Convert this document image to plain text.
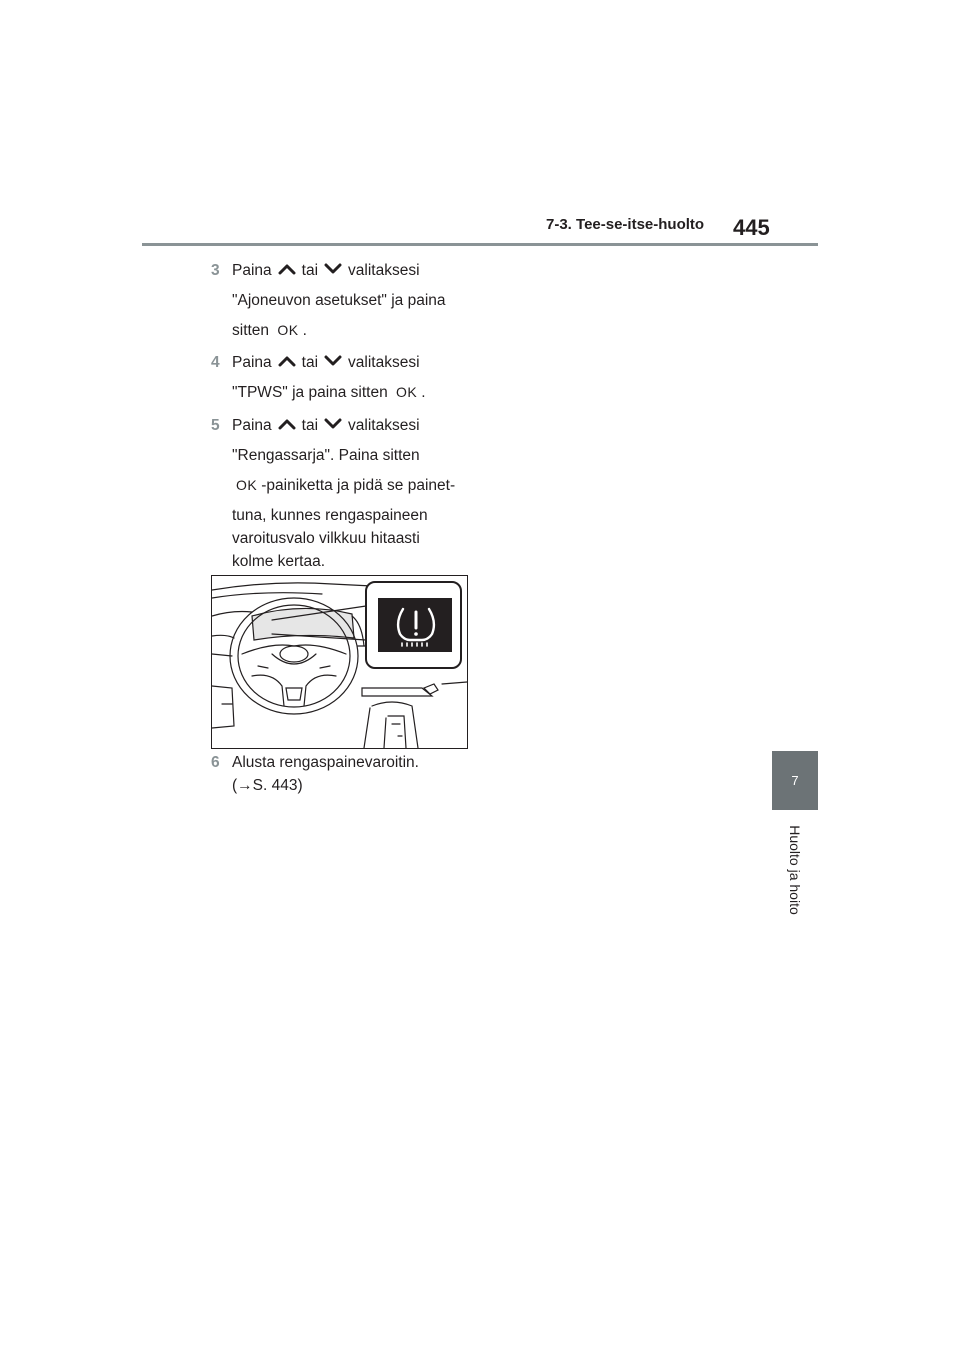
7-3. Tee-se-itse-huolto 445
7
Huolto ja hoito
3 Paina tai valitaksesi
"Ajoneuvon asetukset" ja paina
sitten OK .
4 Paina tai valitaksesi
"TPWS" ja paina sitten OK .
5 Paina tai valitaksesi
"Rengassarja". Paina sitten
OK -painiketta ja pidä se painet-
tuna, kunnes rengaspaineen
varoitusvalo vilkkuu hitaasti
kolme kertaa.
6 Alusta rengaspainevaroitin.
(→S. 443)
